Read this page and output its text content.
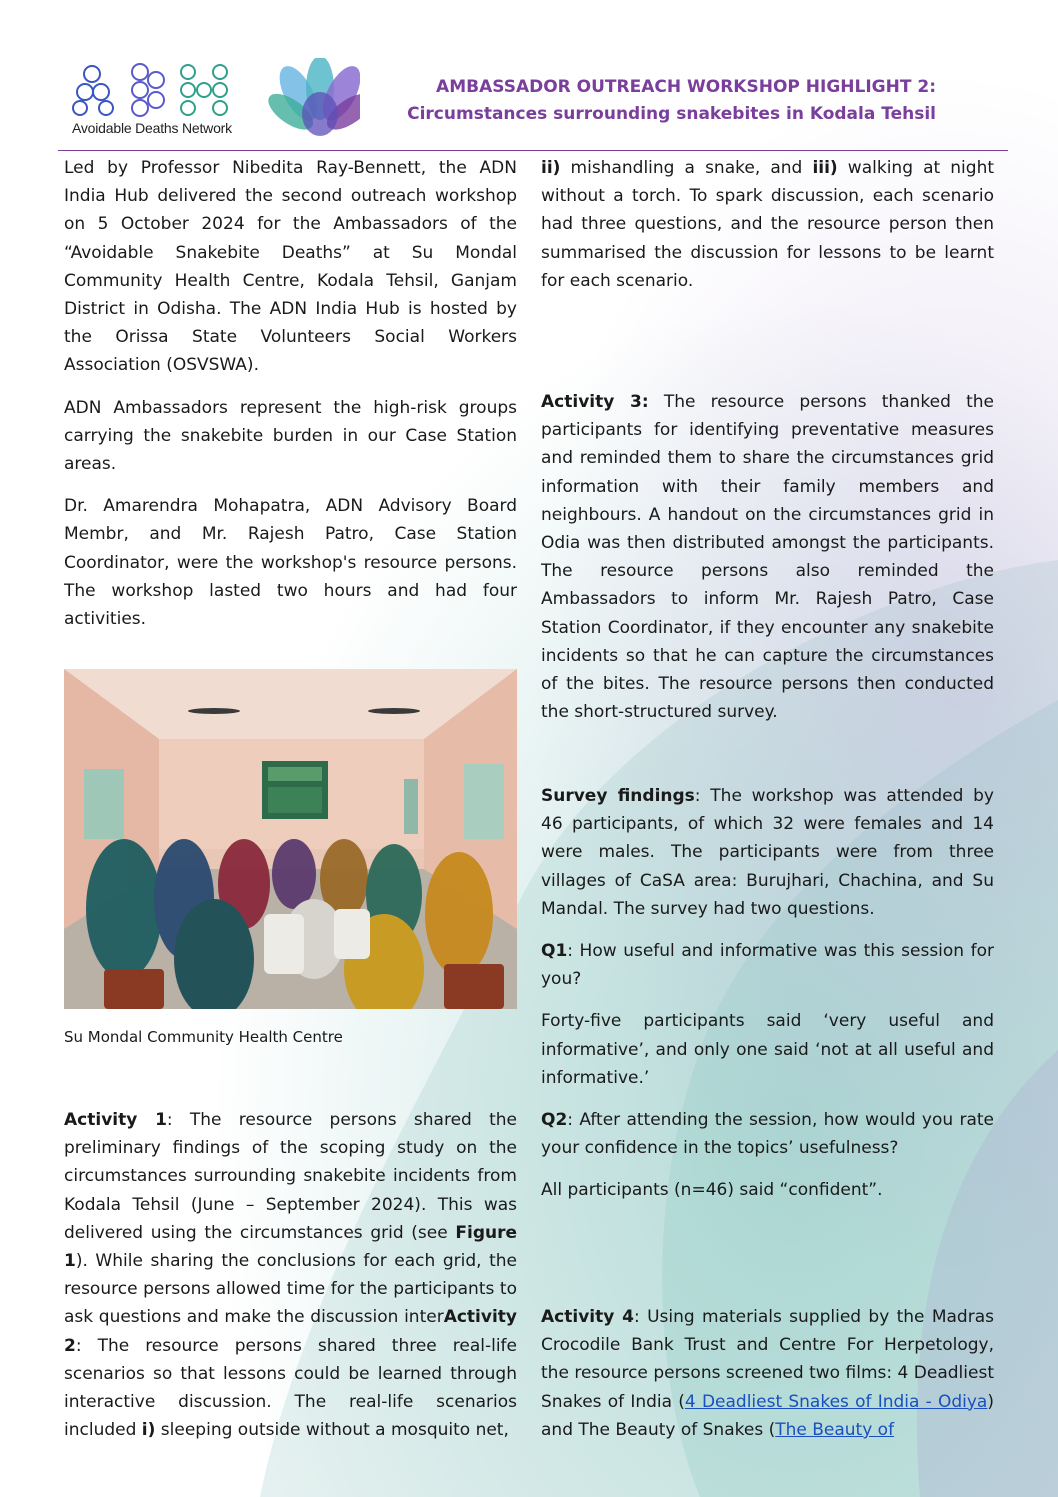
Avoidable Deaths Network
AMBASSADOR OUTREACH WORKSHOP HIGHLIGHT 2:
Circumstances surrounding snakebites in Kodala Tehsil

Led by Professor Nibedita Ray-Bennett, the ADN India Hub delivered the second outreach workshop on 5 October 2024 for the Ambassadors of the “Avoidable Snakebite Deaths” at Su Mondal Community Health Centre, Kodala Tehsil, Ganjam District in Odisha. The ADN India Hub is hosted by the Orissa State Volunteers Social Workers Association (OSVSWA).

ADN Ambassadors represent the high-risk groups carrying the snakebite burden in our Case Station areas.

Dr. Amarendra Mohapatra, ADN Advisory Board Membr, and Mr. Rajesh Patro, Case Station Coordinator, were the workshop's resource persons. The workshop lasted two hours and had four activities.

Su Mondal Community Health Centre

Activity 1: The resource persons shared the preliminary findings of the scoping study on the circumstances surrounding snakebite incidents from Kodala Tehsil (June – September 2024). This was delivered using the circumstances grid (see Figure 1). While sharing the conclusions for each grid, the resource persons allowed time for the participants to ask questions and make the discussion interActivity 2: The resource persons shared three real-life scenarios so that lessons could be learned through interactive discussion. The real-life scenarios included i) sleeping outside without a mosquito net,

ii) mishandling a snake, and iii) walking at night without a torch. To spark discussion, each scenario had three questions, and the resource person then summarised the discussion for lessons to be learnt for each scenario.

Activity 3: The resource persons thanked the participants for identifying preventative measures and reminded them to share the circumstances grid information with their family members and neighbours. A handout on the circumstances grid in Odia was then distributed amongst the participants. The resource persons also reminded the Ambassadors to inform Mr. Rajesh Patro, Case Station Coordinator, if they encounter any snakebite incidents so that he can capture the circumstances of the bites. The resource persons then conducted the short-structured survey.

Survey findings: The workshop was attended by 46 participants, of which 32 were females and 14 were males. The participants were from three villages of CaSA area: Burujhari, Chachina, and Su Mandal. The survey had two questions.

Q1: How useful and informative was this session for you?

Forty-five participants said ‘very useful and informative’, and only one said ‘not at all useful and informative.’

Q2: After attending the session, how would you rate your confidence in the topics’ usefulness?

All participants (n=46) said “confident”.

Activity 4: Using materials supplied by the Madras Crocodile Bank Trust and Centre For Herpetology, the resource persons screened two films: 4 Deadliest Snakes of India (4 Deadliest Snakes of India - Odiya) and The Beauty of Snakes (The Beauty of
